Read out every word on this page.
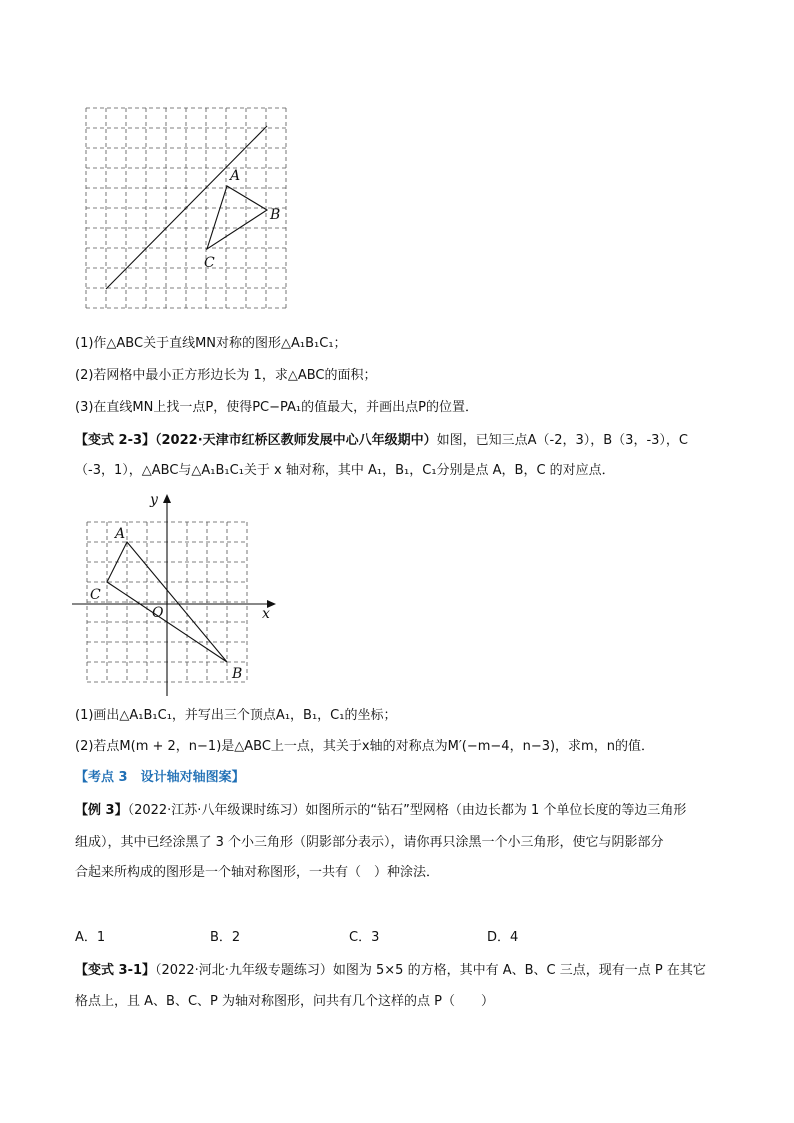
A
B
C
(1)作△ABC关于直线MN对称的图形△A₁B₁C₁；
(2)若网格中最小正方形边长为 1，求△ABC的面积；
(3)在直线MN上找一点P，使得PC−PA₁的值最大，并画出点P的位置．
【变式 2-3】（2022·天津市红桥区教师发展中心八年级期中）如图，已知三点A（-2，3），B（3，-3），C
（-3，1），△ABC与△A₁B₁C₁关于 x 轴对称，其中 A₁，B₁，C₁分别是点 A，B，C 的对应点．
x
y
O
A
B
C
(1)画出△A₁B₁C₁，并写出三个顶点A₁，B₁，C₁的坐标；
(2)若点M(m + 2，n−1)是△ABC上一点，其关于x轴的对称点为M′(−m−4，n−3)，求m，n的值．
【考点 3　设计轴对轴图案】
【例 3】（2022·江苏·八年级课时练习）如图所示的“钻石”型网格（由边长都为 1 个单位长度的等边三角形
组成），其中已经涂黑了 3 个小三角形（阴影部分表示），请你再只涂黑一个小三角形，使它与阴影部分
合起来所构成的图形是一个轴对称图形，一共有（　）种涂法．
A．1	B．2	C．3	D．4
【变式 3-1】（2022·河北·九年级专题练习）如图为 5×5 的方格，其中有 A、B、C 三点，现有一点 P 在其它
格点上，且 A、B、C、P 为轴对称图形，问共有几个这样的点 P（　　）
